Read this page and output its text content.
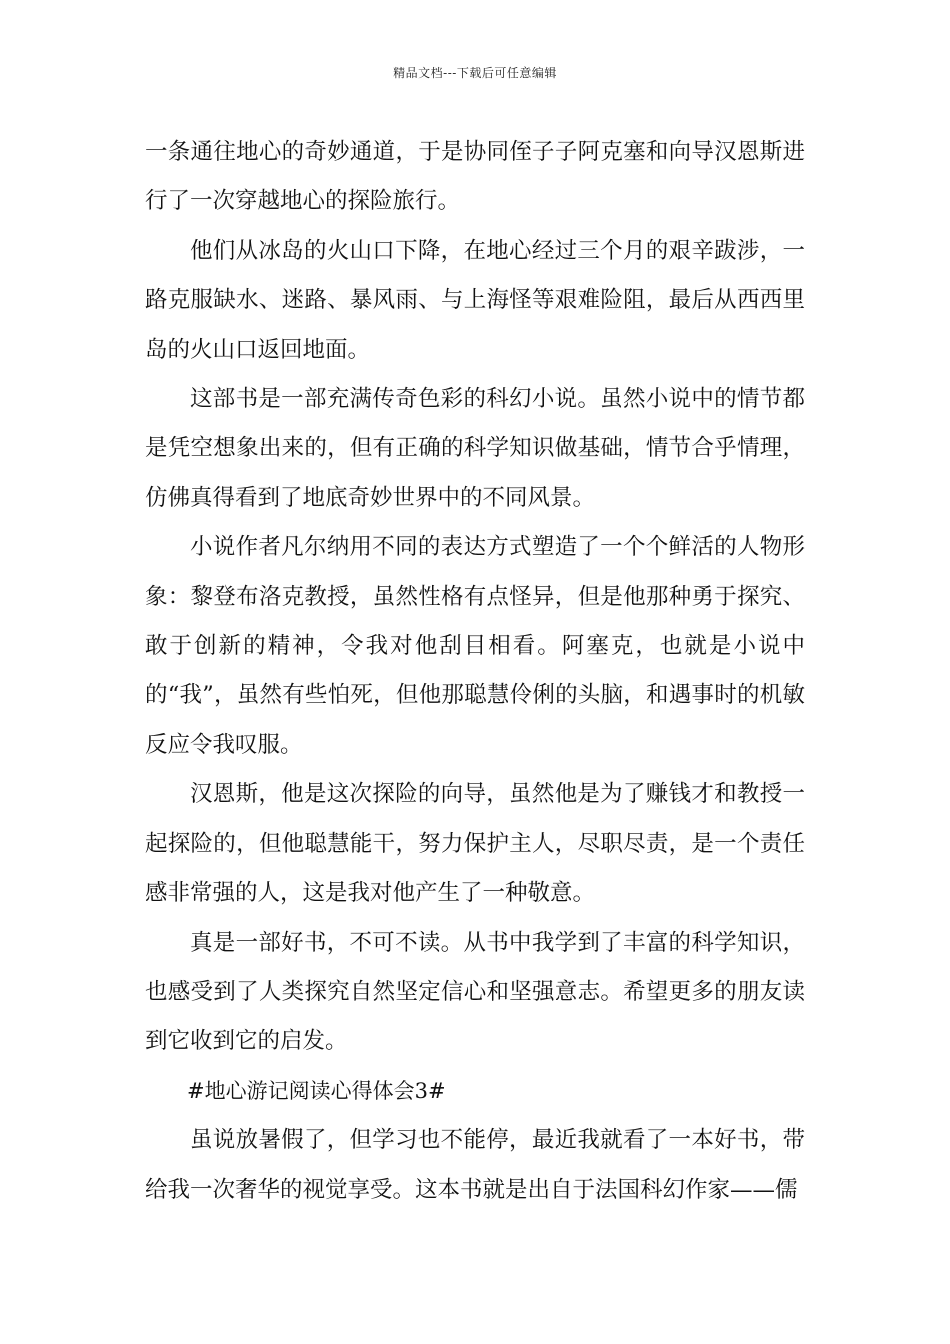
精品文档---下载后可任意编辑

一条通往地心的奇妙通道，于是协同侄子子阿克塞和向导汉恩斯进行了一次穿越地心的探险旅行。

他们从冰岛的火山口下降，在地心经过三个月的艰辛跋涉，一路克服缺水、迷路、暴风雨、与上海怪等艰难险阻，最后从西西里岛的火山口返回地面。

这部书是一部充满传奇色彩的科幻小说。虽然小说中的情节都是凭空想象出来的，但有正确的科学知识做基础，情节合乎情理，仿佛真得看到了地底奇妙世界中的不同风景。

小说作者凡尔纳用不同的表达方式塑造了一个个鲜活的人物形象：黎登布洛克教授，虽然性格有点怪异，但是他那种勇于探究、敢于创新的精神，令我对他刮目相看。阿塞克，也就是小说中的“我”，虽然有些怕死，但他那聪慧伶俐的头脑，和遇事时的机敏反应令我叹服。

汉恩斯，他是这次探险的向导，虽然他是为了赚钱才和教授一起探险的，但他聪慧能干，努力保护主人，尽职尽责，是一个责任感非常强的人，这是我对他产生了一种敬意。

真是一部好书，不可不读。从书中我学到了丰富的科学知识，也感受到了人类探究自然坚定信心和坚强意志。希望更多的朋友读到它收到它的启发。

#地心游记阅读心得体会3#

虽说放暑假了，但学习也不能停，最近我就看了一本好书，带给我一次奢华的视觉享受。这本书就是出自于法国科幻作家——儒
